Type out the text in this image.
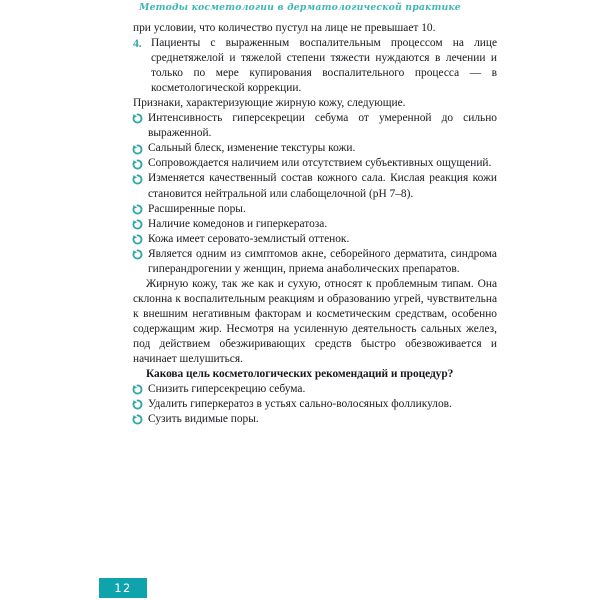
Методы косметологии в дерматологической практике

при условии, что количество пустул на лице не превышает 10.

4. Пациенты с выраженным воспалительным процессом на лице среднетяжелой и тяжелой степени тяжести нуждаются в лечении и только по мере купирования воспалительного процесса — в косметологической коррекции.

Признаки, характеризующие жирную кожу, следующие.

Интенсивность гиперсекреции себума от умеренной до сильно выраженной.
Сальный блеск, изменение текстуры кожи.
Сопровождается наличием или отсутствием субъективных ощущений.
Изменяется качественный состав кожного сала. Кислая реакция кожи становится нейтральной или слабощелочной (pH 7–8).
Расширенные поры.
Наличие комедонов и гиперкератоза.
Кожа имеет серовато-землистый оттенок.
Является одним из симптомов акне, себорейного дерматита, синдрома гиперандрогении у женщин, приема анаболических препаратов.

Жирную кожу, так же как и сухую, относят к проблемным типам. Она склонна к воспалительным реакциям и образованию угрей, чувствительна к внешним негативным факторам и косметическим средствам, особенно содержащим жир. Несмотря на усиленную деятельность сальных желез, под действием обезжиривающих средств быстро обезвоживается и начинает шелушиться.

Какова цель косметологических рекомендаций и процедур?

Снизить гиперсекрецию себума.
Удалить гиперкератоз в устьях сально-волосяных фолликулов.
Сузить видимые поры.
12
